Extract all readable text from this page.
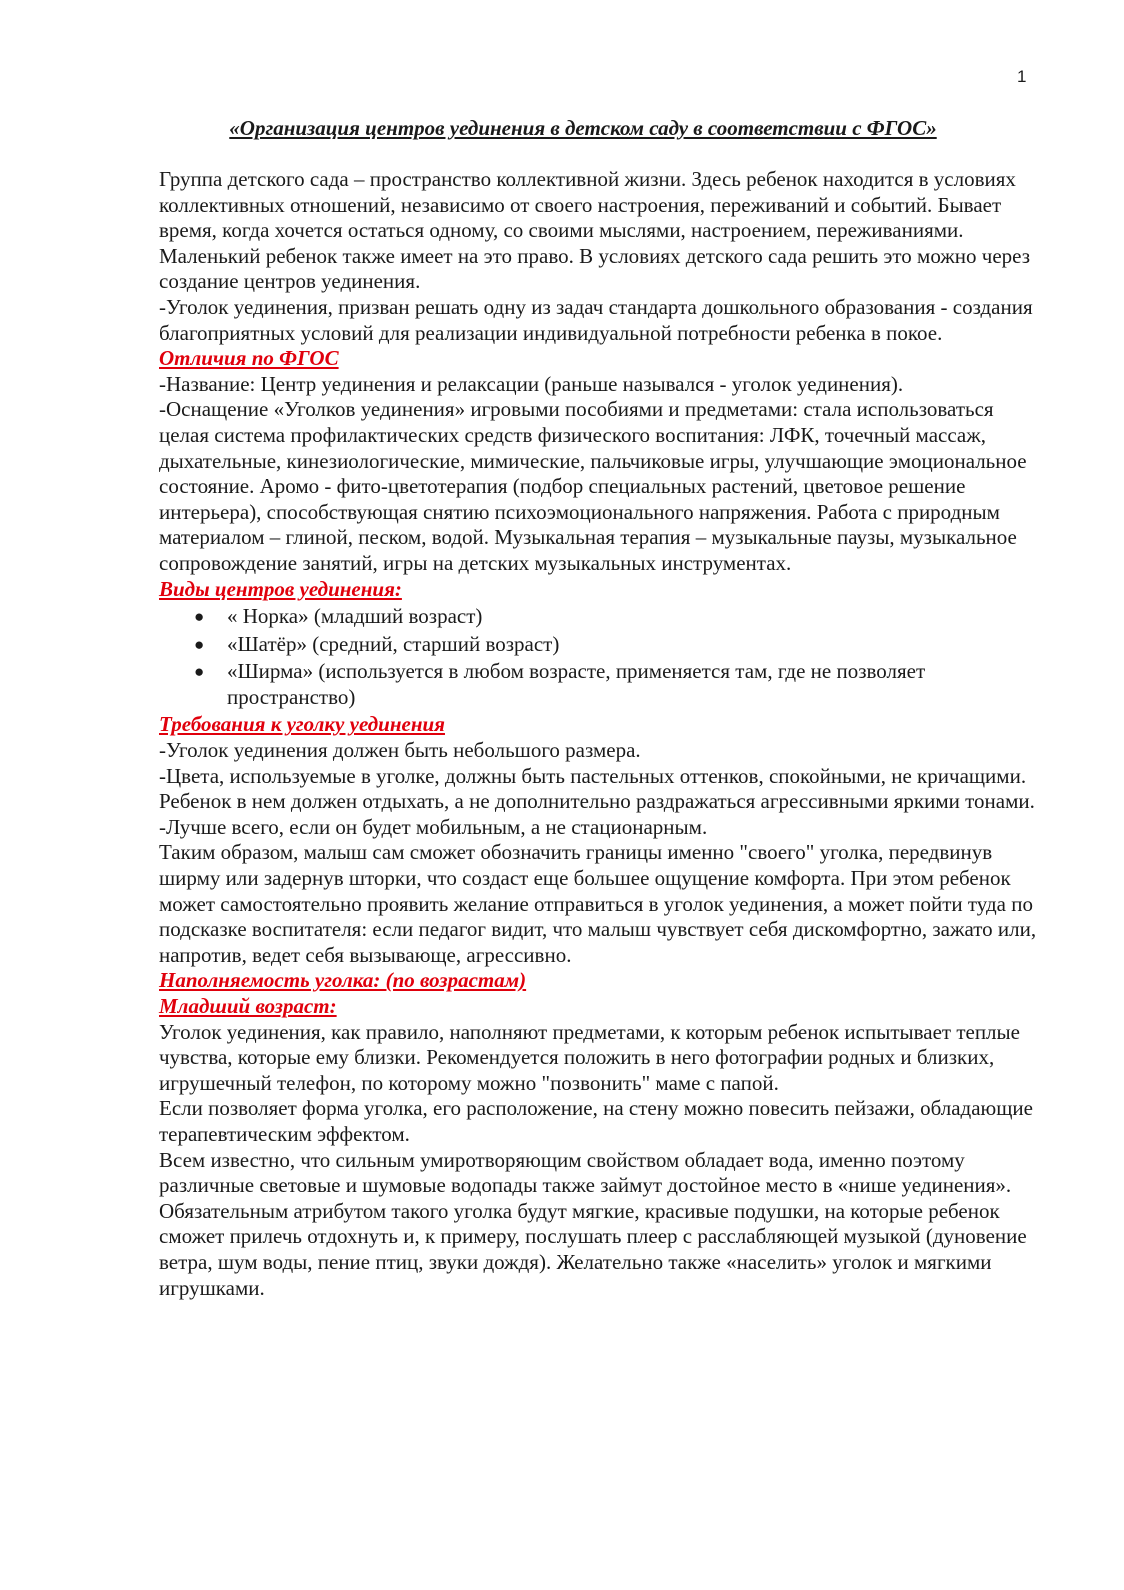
1
«Организация центров уединения в детском саду в соответствии с ФГОС»

Группа детского сада – пространство коллективной жизни. Здесь ребенок находится в условиях коллективных отношений, независимо от своего настроения, переживаний и событий. Бывает время, когда хочется остаться одному, со своими мыслями, настроением, переживаниями. Маленький ребенок также имеет на это право. В условиях детского сада решить это можно через создание центров уединения.

-Уголок уединения, призван решать одну из задач стандарта дошкольного образования - создания благоприятных условий для реализации индивидуальной потребности ребенка в покое.

Отличия по ФГОС

-Название: Центр уединения и релаксации (раньше назывался - уголок уединения).

-Оснащение «Уголков уединения» игровыми пособиями и предметами: стала использоваться целая система профилактических средств физического воспитания: ЛФК, точечный массаж, дыхательные, кинезиологические, мимические, пальчиковые игры, улучшающие эмоциональное состояние. Аромо - фито-цветотерапия (подбор специальных растений, цветовое решение интерьера), способствующая снятию психоэмоционального напряжения. Работа с природным материалом – глиной, песком, водой. Музыкальная терапия – музыкальные паузы, музыкальное сопровождение занятий, игры на детских музыкальных инструментах.

Виды центров уединения:

● « Норка» (младший возраст)
● «Шатёр» (средний, старший возраст)
● «Ширма» (используется в любом возрасте, применяется там, где не позволяет пространство)

Требования к уголку уединения

-Уголок уединения должен быть небольшого размера.

-Цвета, используемые в уголке, должны быть пастельных оттенков, спокойными, не кричащими. Ребенок в нем должен отдыхать, а не дополнительно раздражаться агрессивными яркими тонами.

-Лучше всего, если он будет мобильным, а не стационарным.

Таким образом, малыш сам сможет обозначить границы именно "своего" уголка, передвинув ширму или задернув шторки, что создаст еще большее ощущение комфорта. При этом ребенок может самостоятельно проявить желание отправиться в уголок уединения, а может пойти туда по подсказке воспитателя: если педагог видит, что малыш чувствует себя дискомфортно, зажато или, напротив, ведет себя вызывающе, агрессивно.

Наполняемость уголка: (по возрастам)

Младший возраст:

Уголок уединения, как правило, наполняют предметами, к которым ребенок испытывает теплые чувства, которые ему близки. Рекомендуется положить в него фотографии родных и близких, игрушечный телефон, по которому можно "позвонить" маме с папой.

Если позволяет форма уголка, его расположение, на стену можно повесить пейзажи, обладающие терапевтическим эффектом.

Всем известно, что сильным умиротворяющим свойством обладает вода, именно поэтому различные световые и шумовые водопады также займут достойное место в «нише уединения».

Обязательным атрибутом такого уголка будут мягкие, красивые подушки, на которые ребенок сможет прилечь отдохнуть и, к примеру, послушать плеер с расслабляющей музыкой (дуновение ветра, шум воды, пение птиц, звуки дождя). Желательно также «населить» уголок и мягкими игрушками.
